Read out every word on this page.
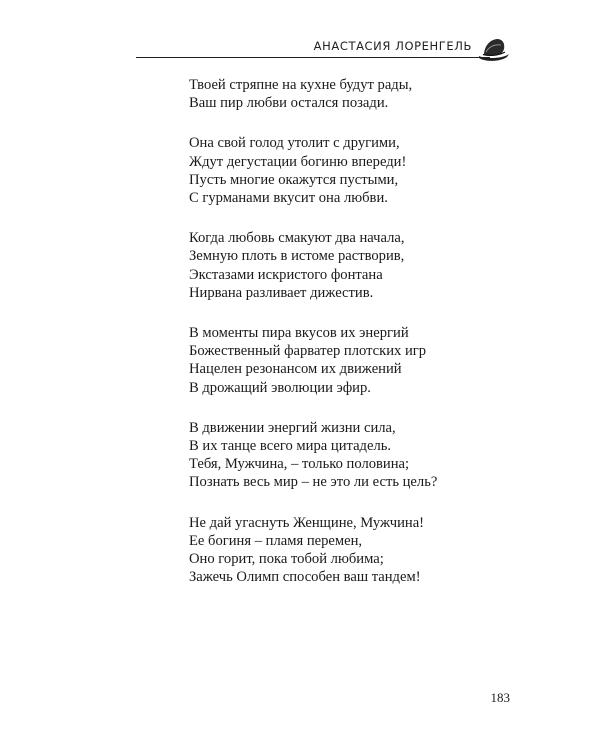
АНАСТАСИЯ ЛОРЕНГЕЛЬ
Твоей стряпне на кухне будут рады,
Ваш пир любви остался позади.
Она свой голод утолит с другими,
Ждут дегустации богиню впереди!
Пусть многие окажутся пустыми,
С гурманами вкусит она любви.
Когда любовь смакуют два начала,
Земную плоть в истоме растворив,
Экстазами искристого фонтана
Нирвана разливает дижестив.
В моменты пира вкусов их энергий
Божественный фарватер плотских игр
Нацелен резонансом их движений
В дрожащий эволюции эфир.
В движении энергий жизни сила,
В их танце всего мира цитадель.
Тебя, Мужчина, – только половина;
Познать весь мир – не это ли есть цель?
Не дай угаснуть Женщине, Мужчина!
Ее богиня – пламя перемен,
Оно горит, пока тобой любима;
Зажечь Олимп способен ваш тандем!
183
